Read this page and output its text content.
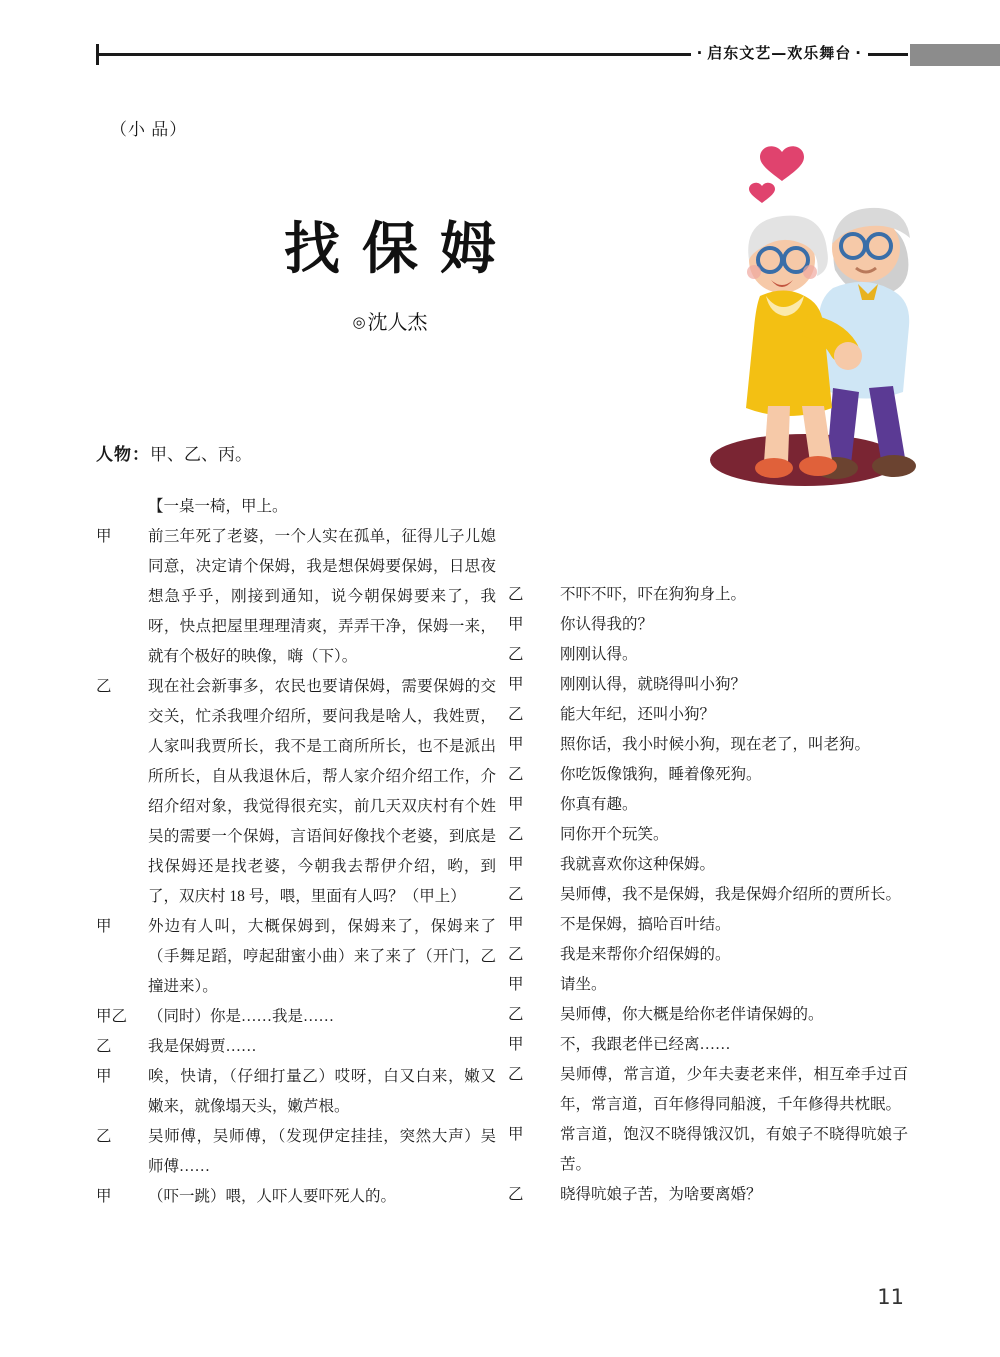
· 启东文艺—欢乐舞台 ·
（小 品）
找保姆
◎ 沈人杰
人物：甲、乙、丙。
【一桌一椅，甲上。
甲	前三年死了老婆，一个人实在孤单，征得儿子儿媳同意，决定请个保姆，我是想保姆要保姆，日思夜想急乎乎，刚接到通知，说今朝保姆要来了，我呀，快点把屋里理理清爽，弄弄干净，保姆一来，就有个极好的映像，嗨（下）。
乙	现在社会新事多，农民也要请保姆，需要保姆的交交关，忙杀我哩介绍所，要问我是啥人，我姓贾，人家叫我贾所长，我不是工商所所长，也不是派出所所长，自从我退休后，帮人家介绍介绍工作，介绍介绍对象，我觉得很充实，前几天双庆村有个姓吴的需要一个保姆，言语间好像找个老婆，到底是找保姆还是找老婆，今朝我去帮伊介绍，哟，到了，双庆村 18 号，喂，里面有人吗？（甲上）
甲	外边有人叫，大概保姆到，保姆来了，保姆来了（手舞足蹈，哼起甜蜜小曲）来了来了（开门，乙撞进来）。
甲乙	（同时）你是……我是……
乙	我是保姆贾……
甲	唉，快请，（仔细打量乙）哎呀，白又白来，嫩又嫩来，就像塌天头，嫩芦根。
乙	吴师傅，吴师傅，（发现伊定挂挂，突然大声）吴师傅……
甲	（吓一跳）喂，人吓人要吓死人的。
乙	不吓不吓，吓在狗狗身上。
甲	你认得我的？
乙	刚刚认得。
甲	刚刚认得，就晓得叫小狗？
乙	能大年纪，还叫小狗？
甲	照你话，我小时候小狗，现在老了，叫老狗。
乙	你吃饭像饿狗，睡着像死狗。
甲	你真有趣。
乙	同你开个玩笑。
甲	我就喜欢你这种保姆。
乙	吴师傅，我不是保姆，我是保姆介绍所的贾所长。
甲	不是保姆，搞哈百叶结。
乙	我是来帮你介绍保姆的。
甲	请坐。
乙	吴师傅，你大概是给你老伴请保姆的。
甲	不，我跟老伴已经离……
乙	吴师傅，常言道，少年夫妻老来伴，相互牵手过百年，常言道，百年修得同船渡，千年修得共枕眠。
甲	常言道，饱汉不晓得饿汉饥，有娘子不晓得吭娘子苦。
乙	晓得吭娘子苦，为啥要离婚？
11
